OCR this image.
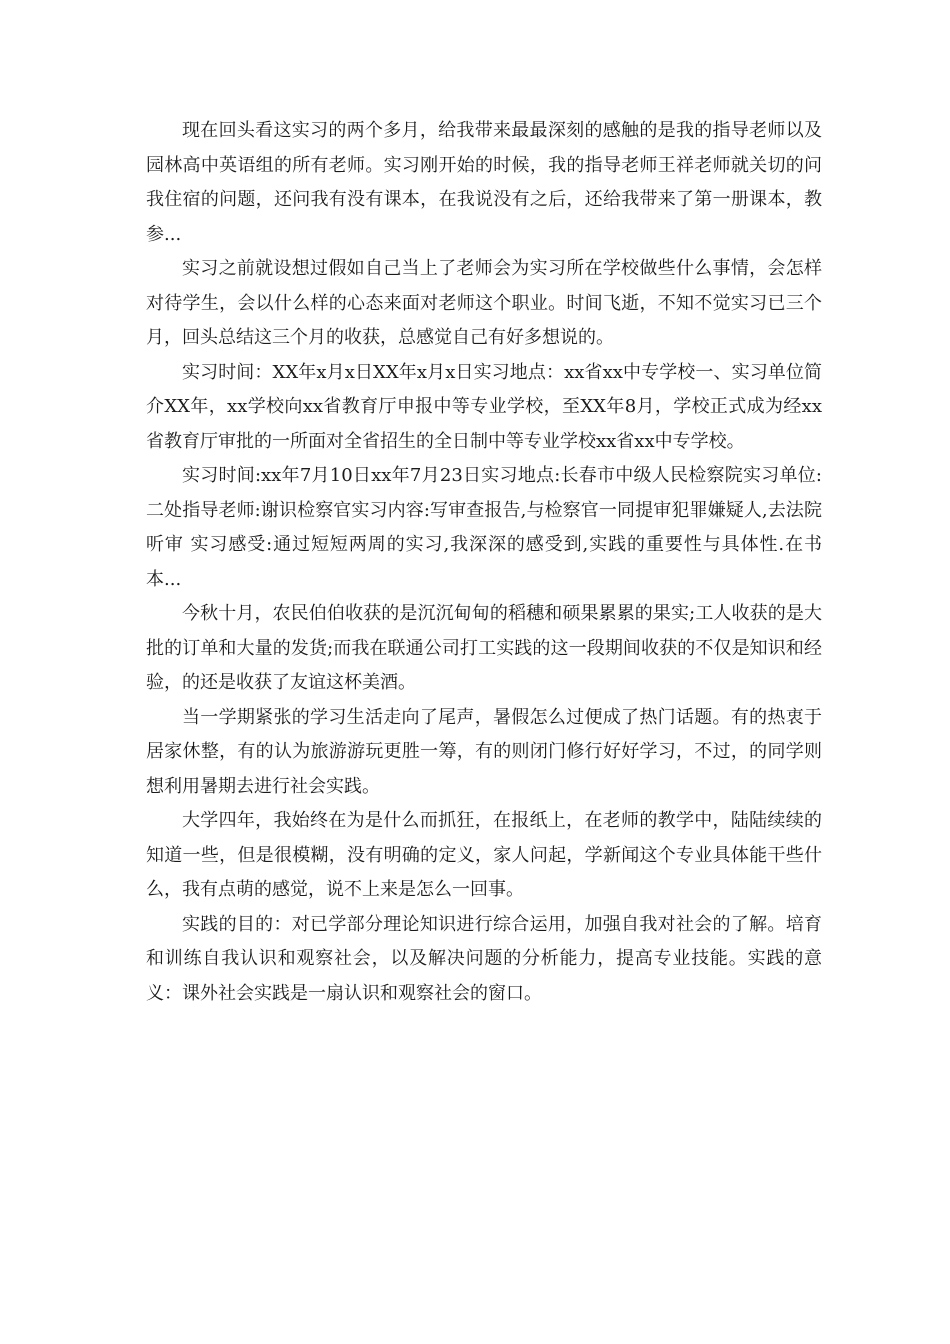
现在回头看这实习的两个多月，给我带来最最深刻的感触的是我的指导老师以及园林高中英语组的所有老师。实习刚开始的时候，我的指导老师王祥老师就关切的问我住宿的问题，还问我有没有课本，在我说没有之后，还给我带来了第一册课本，教参...

实习之前就设想过假如自己当上了老师会为实习所在学校做些什么事情，会怎样对待学生，会以什么样的心态来面对老师这个职业。时间飞逝，不知不觉实习已三个月，回头总结这三个月的收获，总感觉自己有好多想说的。

实习时间：XX年x月x日XX年x月x日实习地点：xx省xx中专学校一、实习单位简介XX年，xx学校向xx省教育厅申报中等专业学校，至XX年8月，学校正式成为经xx省教育厅审批的一所面对全省招生的全日制中等专业学校xx省xx中专学校。

实习时间:xx年7月10日xx年7月23日实习地点:长春市中级人民检察院实习单位:二处指导老师:谢识检察官实习内容:写审查报告,与检察官一同提审犯罪嫌疑人,去法院听审 实习感受:通过短短两周的实习,我深深的感受到,实践的重要性与具体性.在书本...

今秋十月，农民伯伯收获的是沉沉甸甸的稻穗和硕果累累的果实;工人收获的是大批的订单和大量的发货;而我在联通公司打工实践的这一段期间收获的不仅是知识和经验，的还是收获了友谊这杯美酒。

当一学期紧张的学习生活走向了尾声，暑假怎么过便成了热门话题。有的热衷于居家休整，有的认为旅游游玩更胜一筹，有的则闭门修行好好学习，不过，的同学则想利用暑期去进行社会实践。

大学四年，我始终在为是什么而抓狂，在报纸上，在老师的教学中，陆陆续续的知道一些，但是很模糊，没有明确的定义，家人问起，学新闻这个专业具体能干些什么，我有点萌的感觉，说不上来是怎么一回事。

实践的目的：对已学部分理论知识进行综合运用，加强自我对社会的了解。培育和训练自我认识和观察社会，以及解决问题的分析能力，提高专业技能。实践的意义：课外社会实践是一扇认识和观察社会的窗口。
